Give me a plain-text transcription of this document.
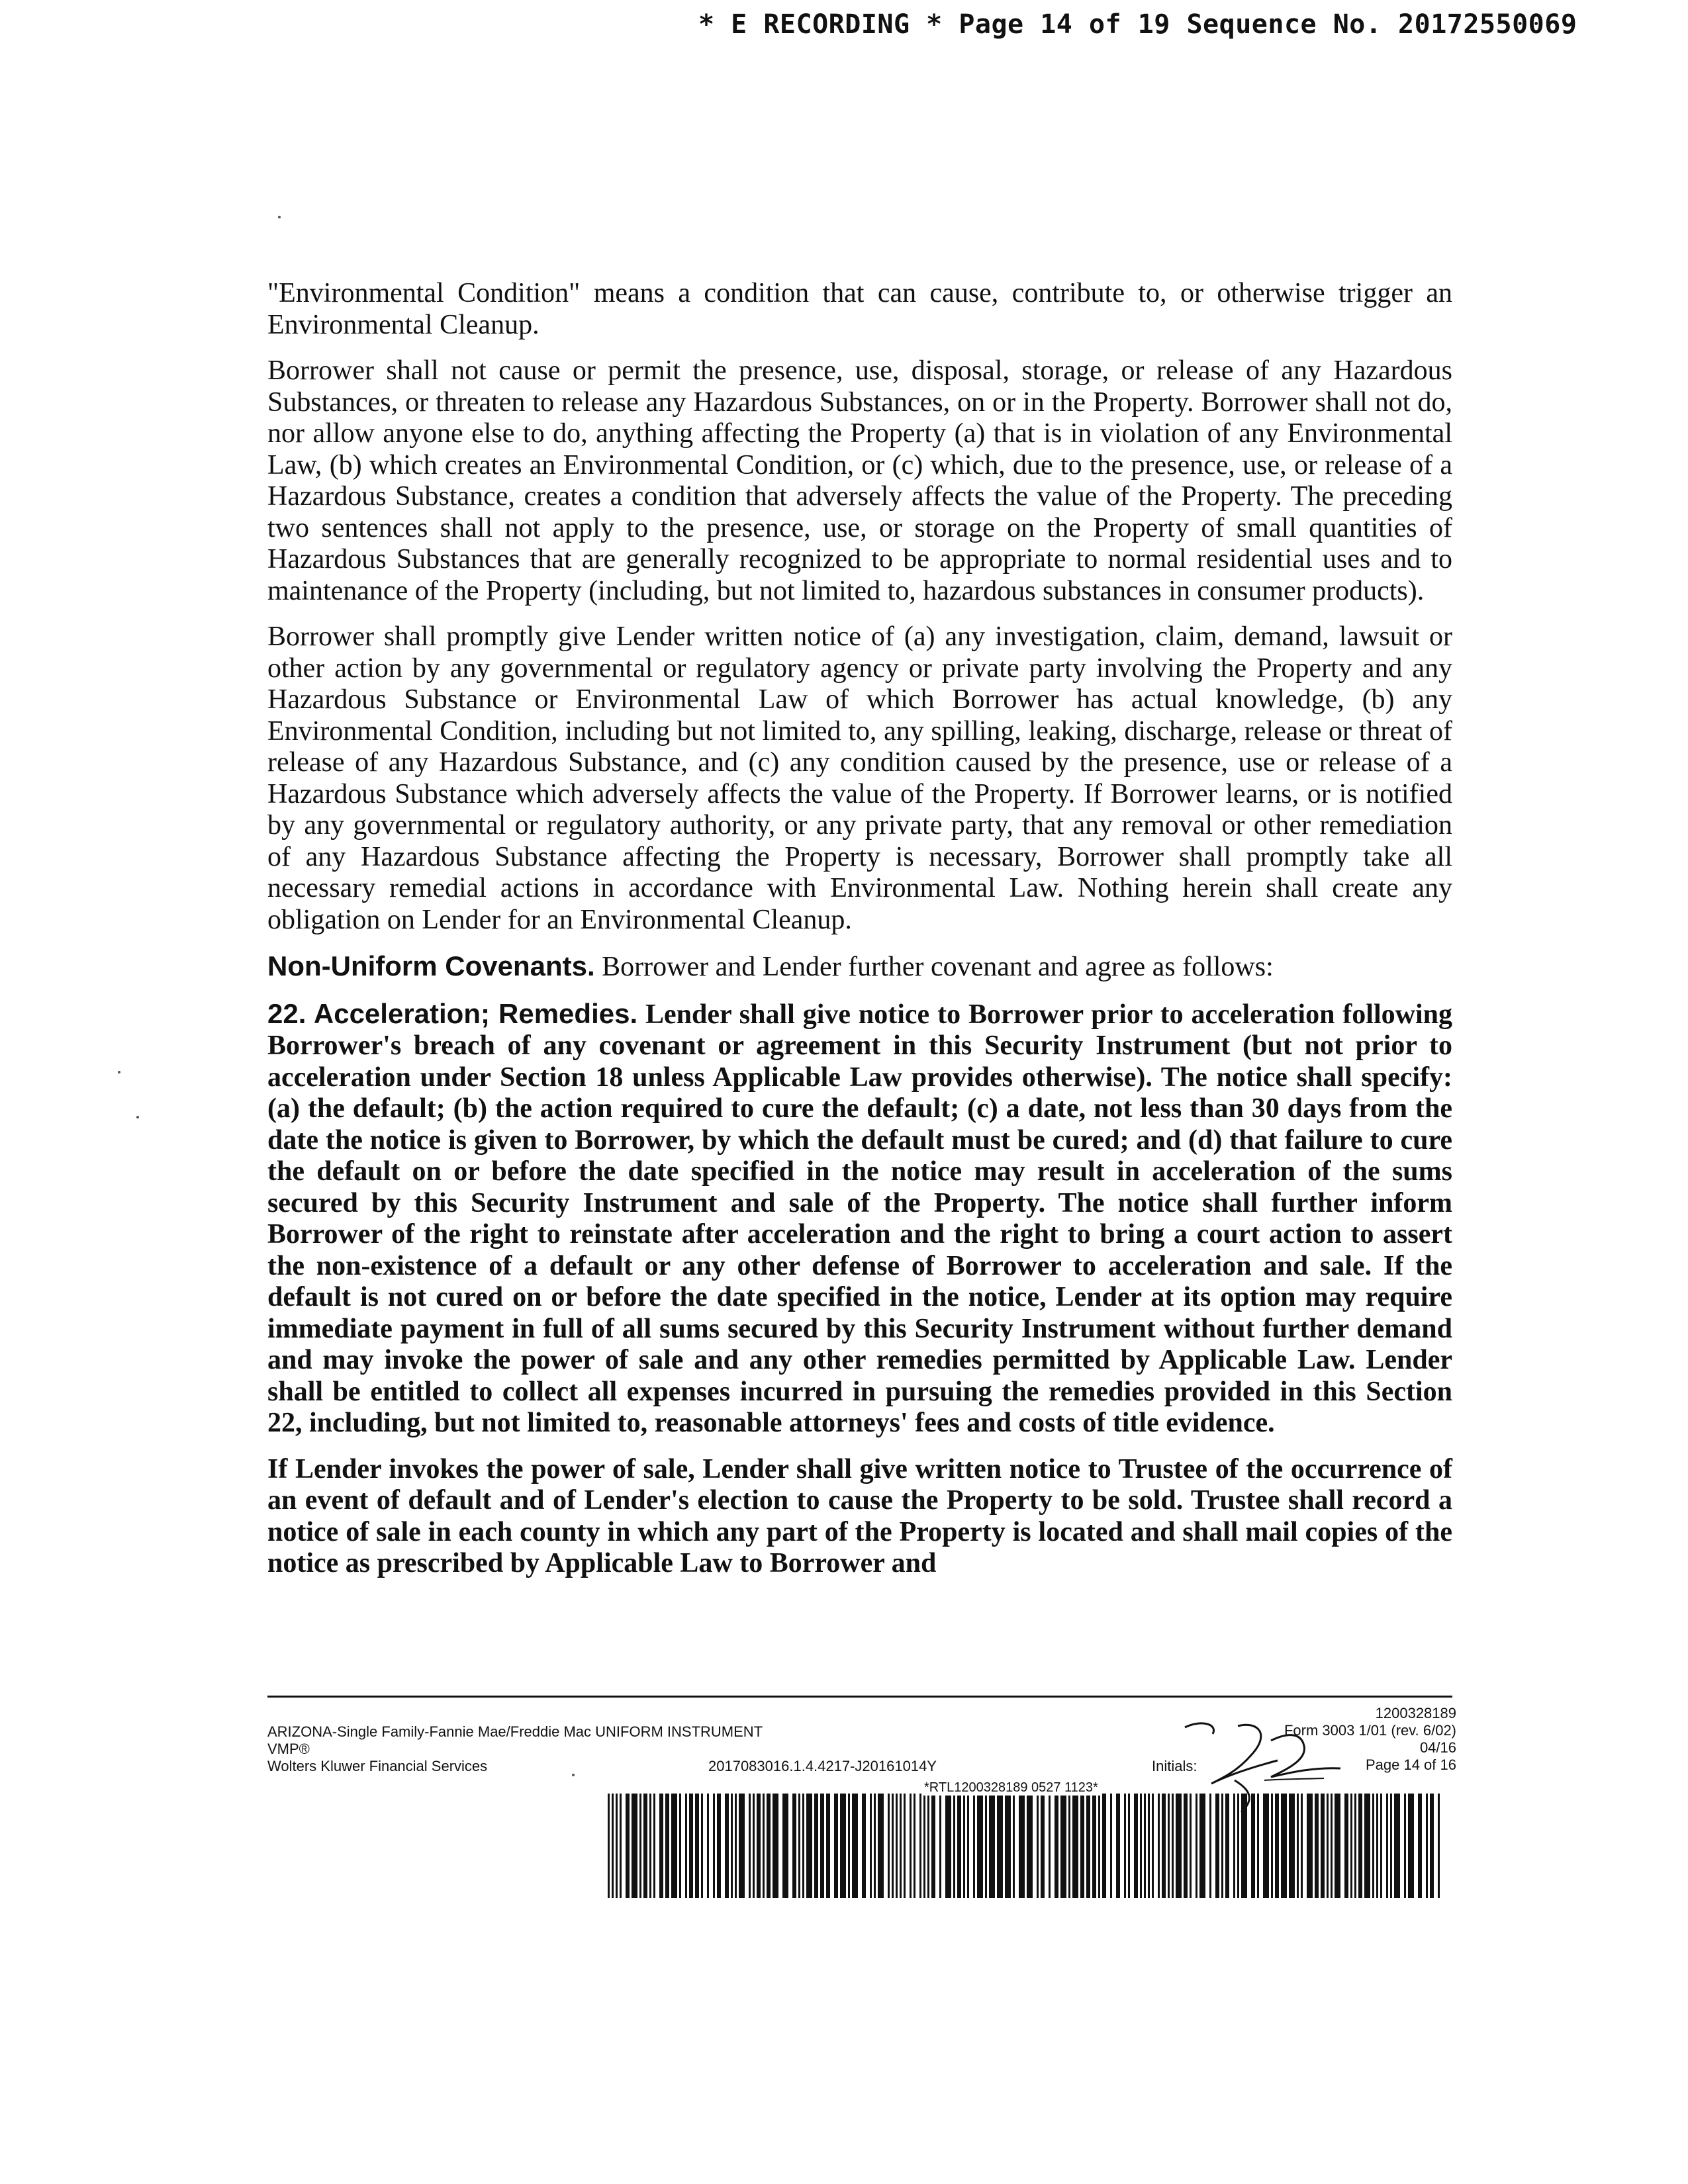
* E RECORDING * Page 14 of 19 Sequence No. 20172550069

"Environmental Condition" means a condition that can cause, contribute to, or otherwise trigger an Environmental Cleanup.

Borrower shall not cause or permit the presence, use, disposal, storage, or release of any Hazardous Substances, or threaten to release any Hazardous Substances, on or in the Property. Borrower shall not do, nor allow anyone else to do, anything affecting the Property (a) that is in violation of any Environmental Law, (b) which creates an Environmental Condition, or (c) which, due to the presence, use, or release of a Hazardous Substance, creates a condition that adversely affects the value of the Property. The preceding two sentences shall not apply to the presence, use, or storage on the Property of small quantities of Hazardous Substances that are generally recognized to be appropriate to normal residential uses and to maintenance of the Property (including, but not limited to, hazardous substances in consumer products).

Borrower shall promptly give Lender written notice of (a) any investigation, claim, demand, lawsuit or other action by any governmental or regulatory agency or private party involving the Property and any Hazardous Substance or Environmental Law of which Borrower has actual knowledge, (b) any Environmental Condition, including but not limited to, any spilling, leaking, discharge, release or threat of release of any Hazardous Substance, and (c) any condition caused by the presence, use or release of a Hazardous Substance which adversely affects the value of the Property. If Borrower learns, or is notified by any governmental or regulatory authority, or any private party, that any removal or other remediation of any Hazardous Substance affecting the Property is necessary, Borrower shall promptly take all necessary remedial actions in accordance with Environmental Law. Nothing herein shall create any obligation on Lender for an Environmental Cleanup.

Non-Uniform Covenants. Borrower and Lender further covenant and agree as follows:

22. Acceleration; Remedies. Lender shall give notice to Borrower prior to acceleration following Borrower's breach of any covenant or agreement in this Security Instrument (but not prior to acceleration under Section 18 unless Applicable Law provides otherwise). The notice shall specify: (a) the default; (b) the action required to cure the default; (c) a date, not less than 30 days from the date the notice is given to Borrower, by which the default must be cured; and (d) that failure to cure the default on or before the date specified in the notice may result in acceleration of the sums secured by this Security Instrument and sale of the Property. The notice shall further inform Borrower of the right to reinstate after acceleration and the right to bring a court action to assert the non-existence of a default or any other defense of Borrower to acceleration and sale. If the default is not cured on or before the date specified in the notice, Lender at its option may require immediate payment in full of all sums secured by this Security Instrument without further demand and may invoke the power of sale and any other remedies permitted by Applicable Law. Lender shall be entitled to collect all expenses incurred in pursuing the remedies provided in this Section 22, including, but not limited to, reasonable attorneys' fees and costs of title evidence.

If Lender invokes the power of sale, Lender shall give written notice to Trustee of the occurrence of an event of default and of Lender's election to cause the Property to be sold. Trustee shall record a notice of sale in each county in which any part of the Property is located and shall mail copies of the notice as prescribed by Applicable Law to Borrower and

ARIZONA-Single Family-Fannie Mae/Freddie Mac UNIFORM INSTRUMENT
VMP®
Wolters Kluwer Financial Services	2017083016.1.4.4217-J20161014Y
1200328189
Form 3003 1/01 (rev. 6/02)
04/16
Page 14 of 16
Initials:
*RTL1200328189 0527 1123*
